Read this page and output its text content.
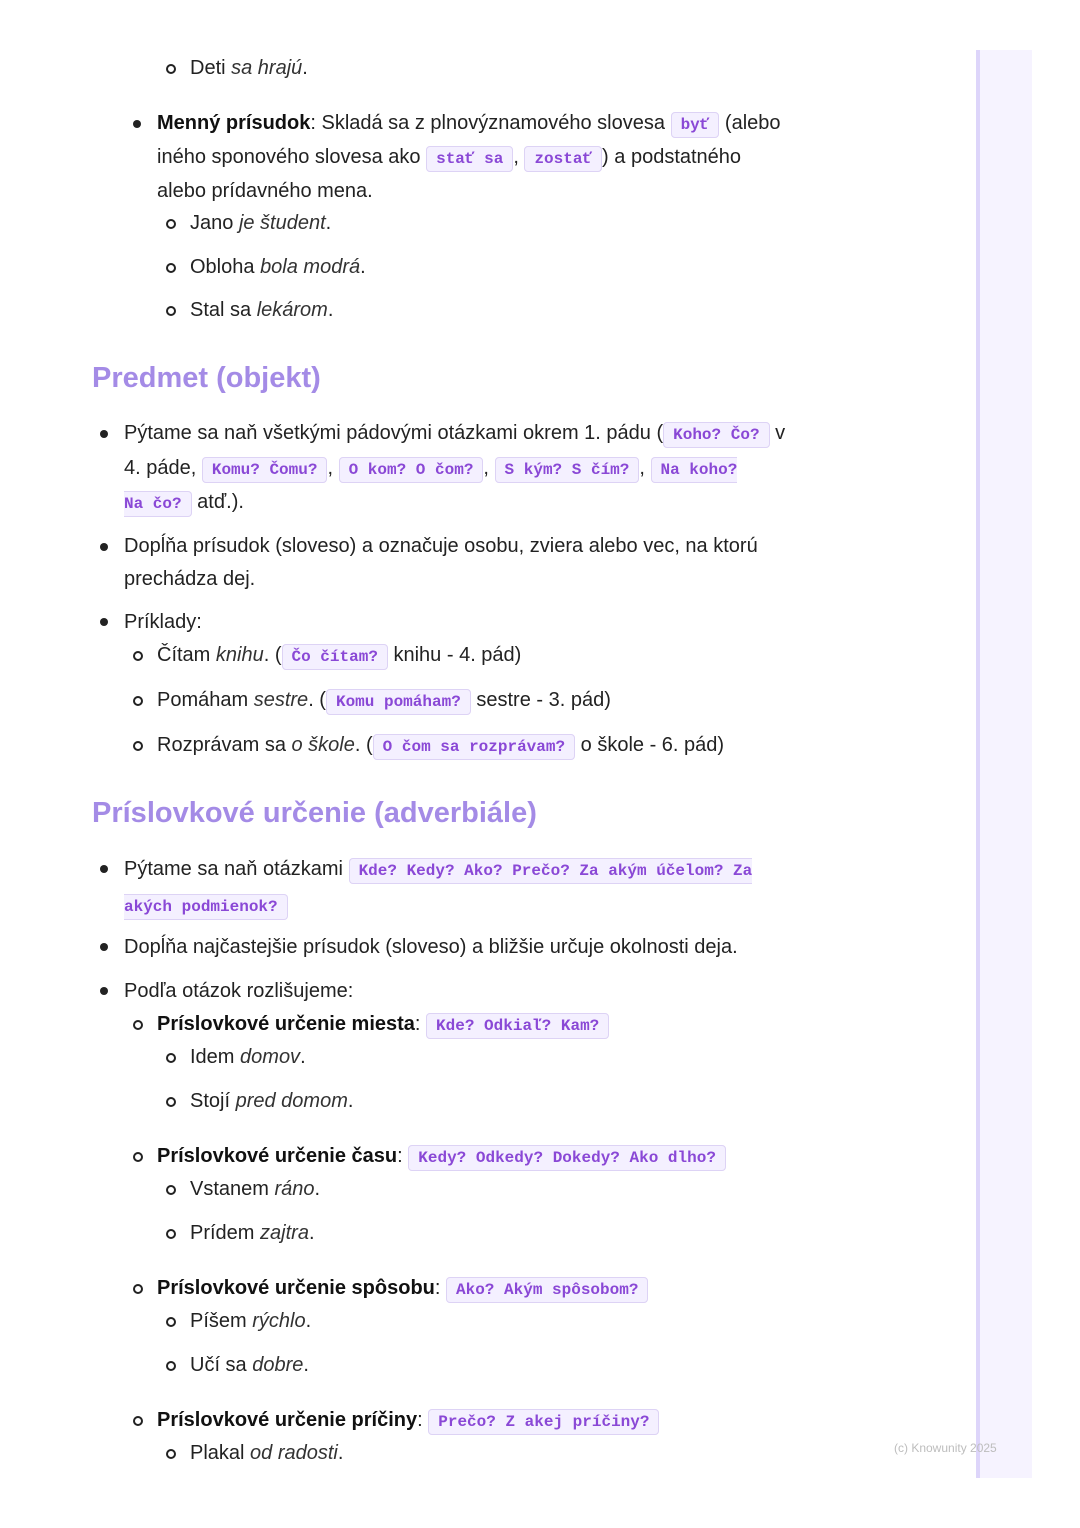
Deti sa hrajú.
Menný prísudok: Skladá sa z plnovýznamového slovesa byť (alebo
iného sponového slovesa ako stať sa , zostať ) a podstatného
alebo prídavného mena.
Jano je študent.
Obloha bola modrá.
Stal sa lekárom.
Predmet (objekt)
Pýtame sa naň všetkými pádovými otázkami okrem 1. pádu ( Koho? Čo? v
4. páde, Komu? Čomu? , O kom? O čom? , S kým? S čím? , Na koho?
Na čo? atď.).
Dopĺňa prísudok (sloveso) a označuje osobu, zviera alebo vec, na ktorú
prechádza dej.
Príklady:
Čítam knihu. ( Čo čítam? knihu - 4. pád)
Pomáham sestre. ( Komu pomáham? sestre - 3. pád)
Rozprávam sa o škole. ( O čom sa rozprávam? o škole - 6. pád)
Príslovkové určenie (adverbiále)
Pýtame sa naň otázkami Kde? Kedy? Ako? Prečo? Za akým účelom? Za
akých podmienok?
Dopĺňa najčastejšie prísudok (sloveso) a bližšie určuje okolnosti deja.
Podľa otázok rozlišujeme:
Príslovkové určenie miesta: Kde? Odkiaľ? Kam?
Idem domov.
Stojí pred domom.
Príslovkové určenie času: Kedy? Odkedy? Dokedy? Ako dlho?
Vstanem ráno.
Prídem zajtra.
Príslovkové určenie spôsobu: Ako? Akým spôsobom?
Píšem rýchlo.
Učí sa dobre.
Príslovkové určenie príčiny: Prečo? Z akej príčiny?
Plakal od radosti.	(c) Knowunity 2025
